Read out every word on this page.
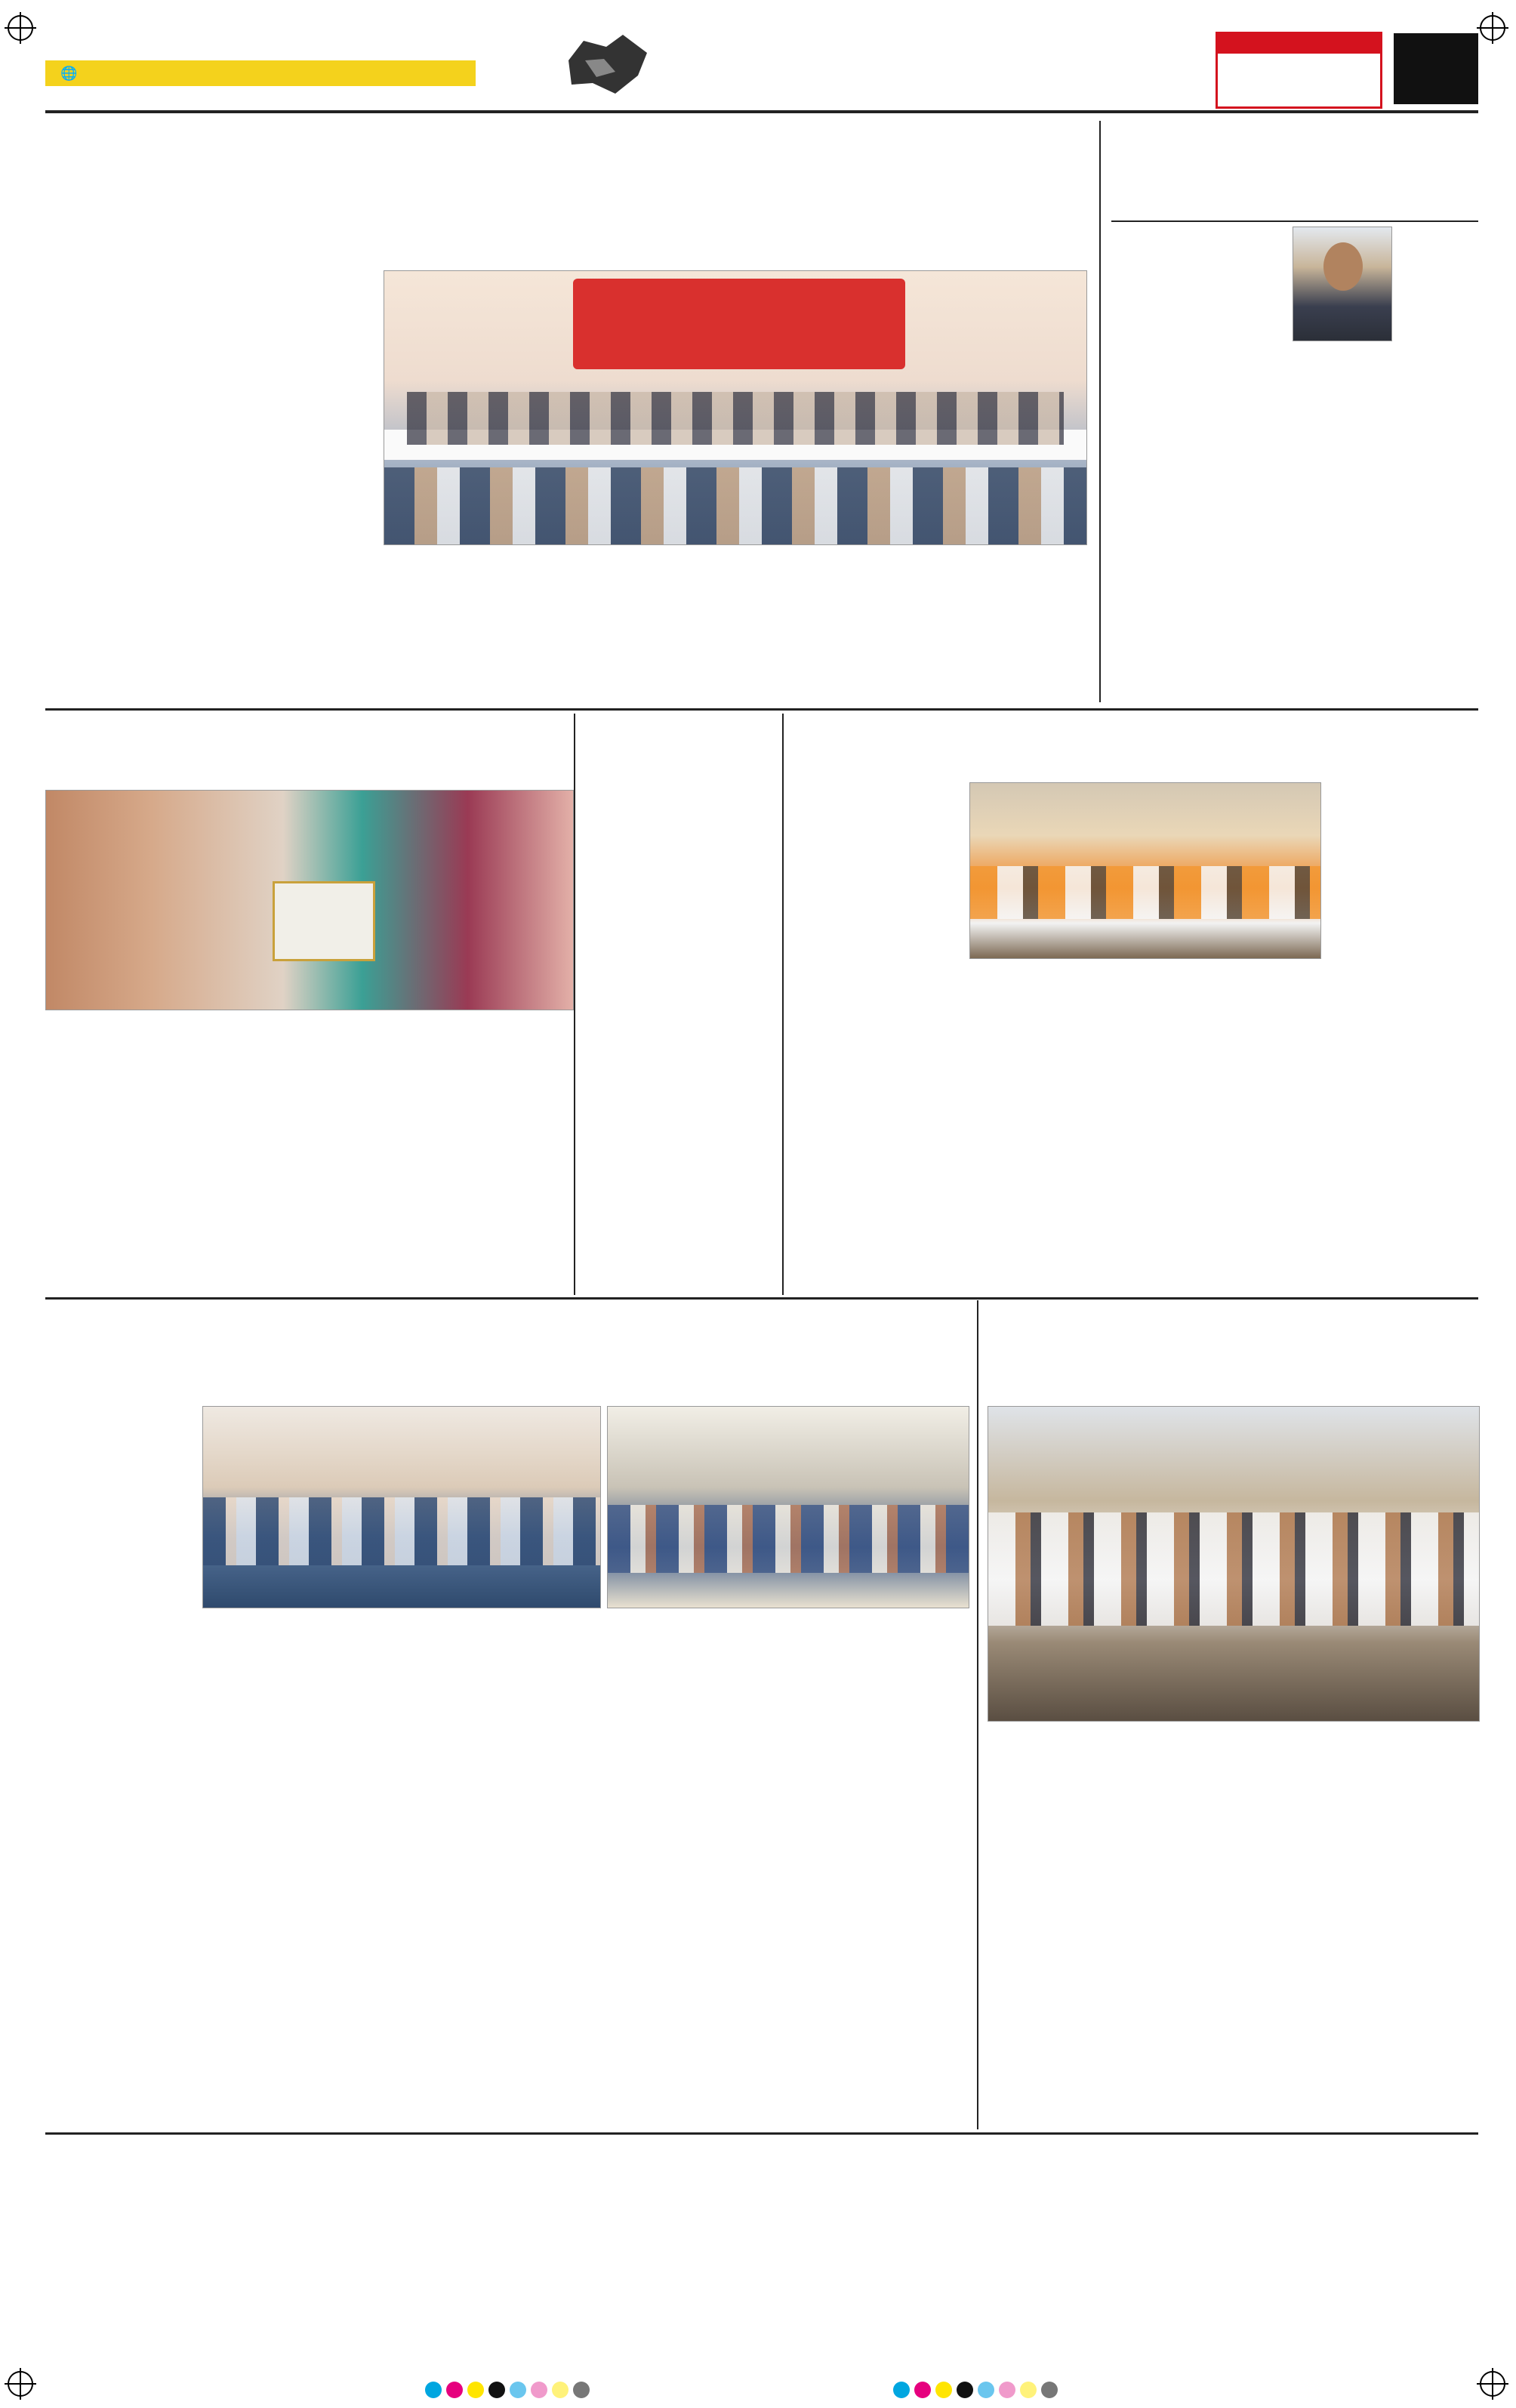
🌐
